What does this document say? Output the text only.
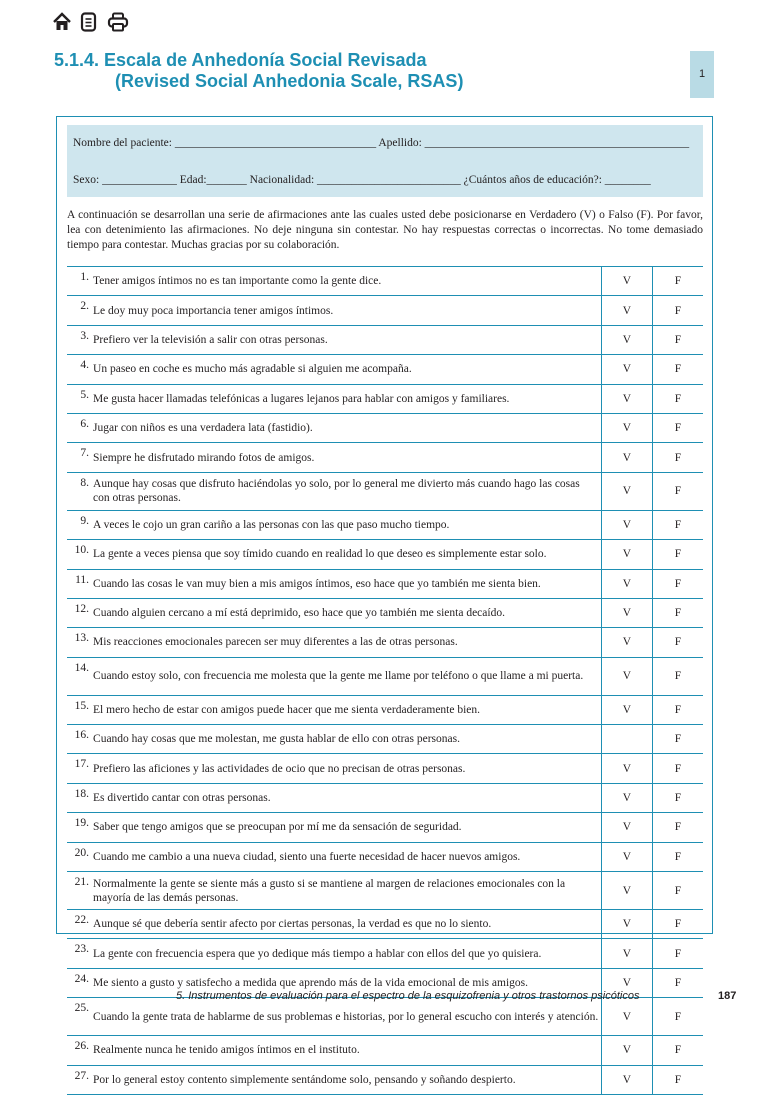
5.1.4. Escala de Anhedonía Social Revisada
(Revised Social Anhedonia Scale, RSAS)	1
Nombre del paciente: ___________________________________ Apellido: ______________________________________________
Sexo: _____________ Edad:_______ Nacionalidad: _________________________ ¿Cuántos años de educación?: ________
A continuación se desarrollan una serie de afirmaciones ante las cuales usted debe posicionarse en Verdadero (V) o Falso (F). Por favor, lea con detenimiento las afirmaciones. No deje ninguna sin contestar. No hay respuestas correctas o incorrectas. No tome demasiado tiempo para contestar. Muchas gracias por su colaboración.
1.	Tener amigos íntimos no es tan importante como la gente dice.	V	F
2.	Le doy muy poca importancia tener amigos íntimos.	V	F
3.	Prefiero ver la televisión a salir con otras personas.	V	F
4.	Un paseo en coche es mucho más agradable si alguien me acompaña.	V	F
5.	Me gusta hacer llamadas telefónicas a lugares lejanos para hablar con amigos y familiares.	V	F
6.	Jugar con niños es una verdadera lata (fastidio).	V	F
7.	Siempre he disfrutado mirando fotos de amigos.	V	F
8.	Aunque hay cosas que disfruto haciéndolas yo solo, por lo general me divierto más cuando hago las cosas con otras personas.	V	F
9.	A veces le cojo un gran cariño a las personas con las que paso mucho tiempo.	V	F
10.	La gente a veces piensa que soy tímido cuando en realidad lo que deseo es simplemente estar solo.	V	F
11.	Cuando las cosas le van muy bien a mis amigos íntimos, eso hace que yo también me sienta bien.	V	F
12.	Cuando alguien cercano a mí está deprimido, eso hace que yo también me sienta decaído.	V	F
13.	Mis reacciones emocionales parecen ser muy diferentes a las de otras personas.	V	F
14.	Cuando estoy solo, con frecuencia me molesta que la gente me llame por teléfono o que llame a mi puerta.	V	F
15.	El mero hecho de estar con amigos puede hacer que me sienta verdaderamente bien.	V	F
16.	Cuando hay cosas que me molestan, me gusta hablar de ello con otras personas.		F
17.	Prefiero las aficiones y las actividades de ocio que no precisan de otras personas.	V	F
18.	Es divertido cantar con otras personas.	V	F
19.	Saber que tengo amigos que se preocupan por mí me da sensación de seguridad.	V	F
20.	Cuando me cambio a una nueva ciudad, siento una fuerte necesidad de hacer nuevos amigos.	V	F
21.	Normalmente la gente se siente más a gusto si se mantiene al margen de relaciones emocionales con la mayoría de las demás personas.	V	F
22.	Aunque sé que debería sentir afecto por ciertas personas, la verdad es que no lo siento.	V	F
23.	La gente con frecuencia espera que yo dedique más tiempo a hablar con ellos del que yo quisiera.	V	F
24.	Me siento a gusto y satisfecho a medida que aprendo más de la vida emocional de mis amigos.	V	F
25.	Cuando la gente trata de hablarme de sus problemas e historias, por lo general escucho con interés y atención.	V	F
26.	Realmente nunca he tenido amigos íntimos en el instituto.	V	F
27.	Por lo general estoy contento simplemente sentándome solo, pensando y soñando despierto.	V	F
5. Instrumentos de evaluación para el espectro de la esquizofrenia y otros trastornos psicóticos	187
